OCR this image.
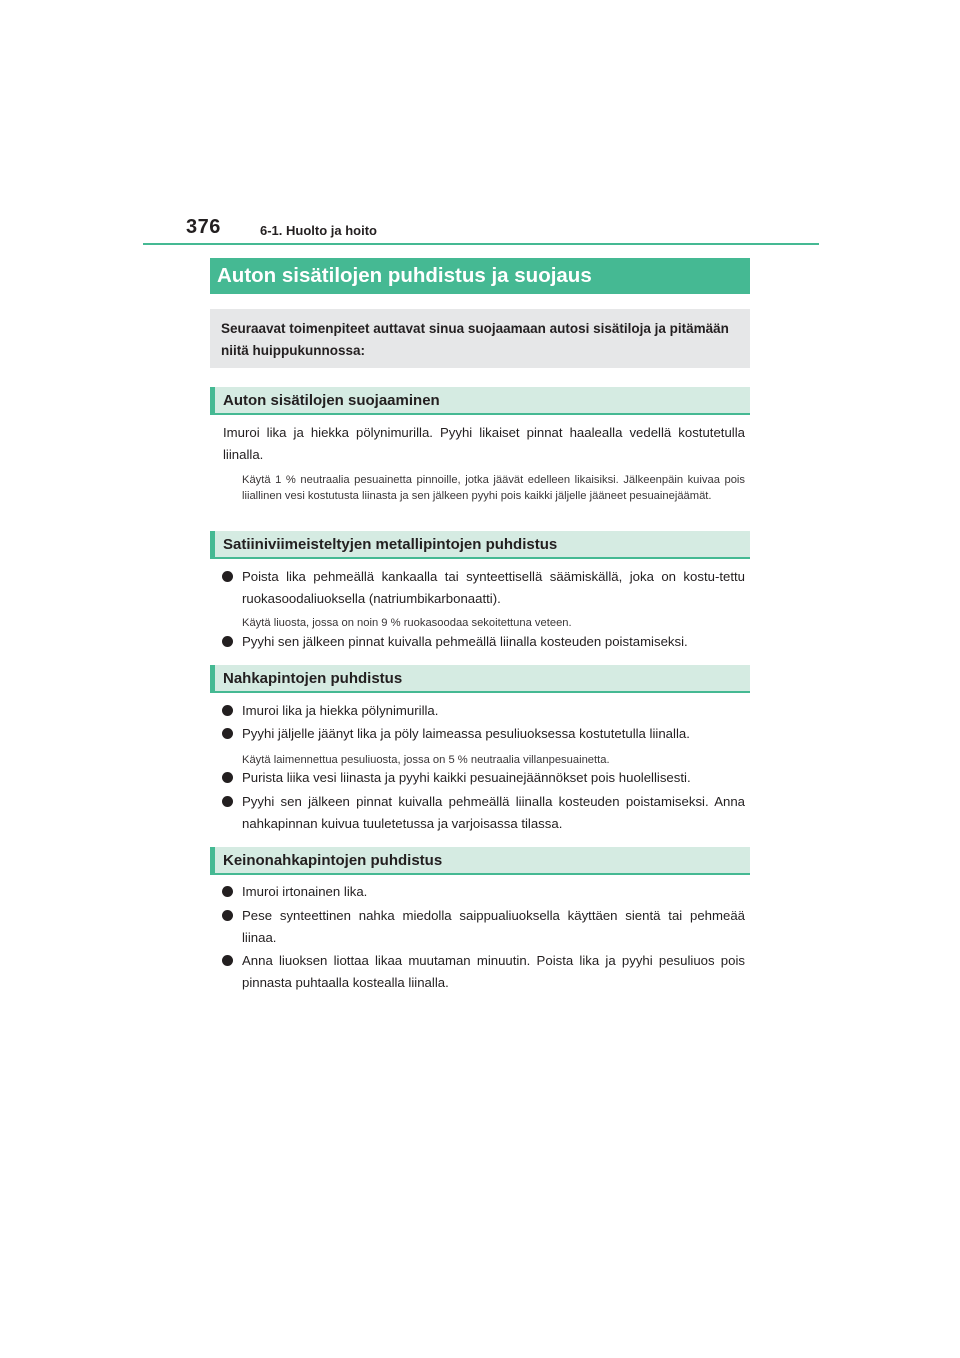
376	6-1. Huolto ja hoito
Auton sisätilojen puhdistus ja suojaus
Seuraavat toimenpiteet auttavat sinua suojaamaan autosi sisätiloja ja pitämään niitä huippukunnossa:
Auton sisätilojen suojaaminen
Imuroi lika ja hiekka pölynimurilla. Pyyhi likaiset pinnat haalealla vedellä kostutetulla liinalla.
Käytä 1 % neutraalia pesuainetta pinnoille, jotka jäävät edelleen likaisiksi. Jälkeenpäin kuivaa pois liiallinen vesi kostutusta liinasta ja sen jälkeen pyyhi pois kaikki jäljelle jääneet pesuainejäämät.
Satiiniviimeisteltyjen metallipintojen puhdistus
Poista lika pehmeällä kankaalla tai synteettisellä säämiskällä, joka on kostu-tettu ruokasoodaliuoksella (natriumbikarbonaatti).
Käytä liuosta, jossa on noin 9 % ruokasoodaa sekoitettuna veteen.
Pyyhi sen jälkeen pinnat kuivalla pehmeällä liinalla kosteuden poistamiseksi.
Nahkapintojen puhdistus
Imuroi lika ja hiekka pölynimurilla.
Pyyhi jäljelle jäänyt lika ja pöly laimeassa pesuliuoksessa kostutetulla liinalla.
Käytä laimennettua pesuliuosta, jossa on 5 % neutraalia villanpesuainetta.
Purista liika vesi liinasta ja pyyhi kaikki pesuainejäännökset pois huolellisesti.
Pyyhi sen jälkeen pinnat kuivalla pehmeällä liinalla kosteuden poistamiseksi. Anna nahkapinnan kuivua tuuletetussa ja varjoisassa tilassa.
Keinonahkapintojen puhdistus
Imuroi irtonainen lika.
Pese synteettinen nahka miedolla saippualiuoksella käyttäen sientä tai pehmeää liinaa.
Anna liuoksen liottaa likaa muutaman minuutin. Poista lika ja pyyhi pesuliuos pois pinnasta puhtaalla kostealla liinalla.
